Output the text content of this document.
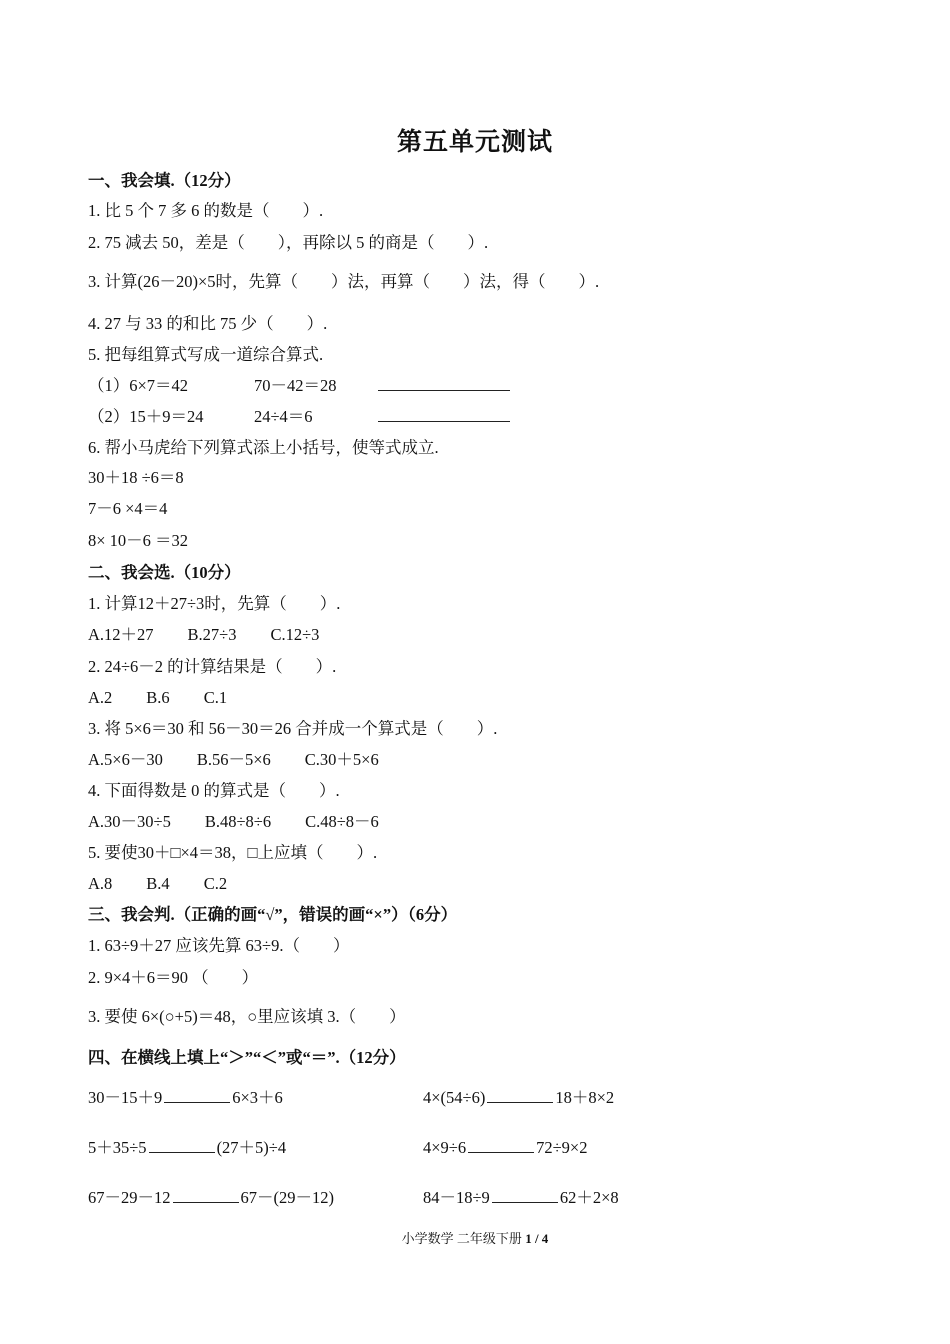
第五单元测试
一、我会填.（12分）
1. 比 5 个 7 多 6 的数是（　　）.
2. 75 减去 50，差是（　　），再除以 5 的商是（　　）.
3. 计算(26－20)×5时，先算（　　）法，再算（　　）法，得（　　）.
4. 27 与 33 的和比 75 少（　　）.
5. 把每组算式写成一道综合算式.
（1）6×7＝42	70－42＝28
（2）15＋9＝24	24÷4＝6
6. 帮小马虎给下列算式添上小括号，使等式成立.
30＋18 ÷6＝8
7－6 ×4＝4
8× 10－6 ＝32
二、我会选.（10分）
1. 计算12＋27÷3时，先算（　　）.
A.12＋27 B.27÷3 C.12÷3
2. 24÷6－2 的计算结果是（　　）.
A.2 B.6 C.1
3. 将 5×6＝30 和 56－30＝26 合并成一个算式是（　　）.
A.5×6－30 B.56－5×6 C.30＋5×6
4. 下面得数是 0 的算式是（　　）.
A.30－30÷5 B.48÷8÷6 C.48÷8－6
5. 要使30＋□×4＝38，□上应填（　　）.
A.8 B.4 C.2
三、我会判.（正确的画“√”，错误的画“×”）（6分）
1. 63÷9＋27 应该先算 63÷9.（　　）
2. 9×4＋6＝90 （　　）
3. 要使 6×(○+5)＝48，○里应该填 3.（　　）
四、在横线上填上“＞”“＜”或“＝”.（12分）
30－15＋9	6×3＋6	4×(54÷6)	18＋8×2
5＋35÷5	(27＋5)÷4	4×9÷6	72÷9×2
67－29－12	67－(29－12)	84－18÷9	62＋2×8
小学数学 二年级下册 1 / 4
